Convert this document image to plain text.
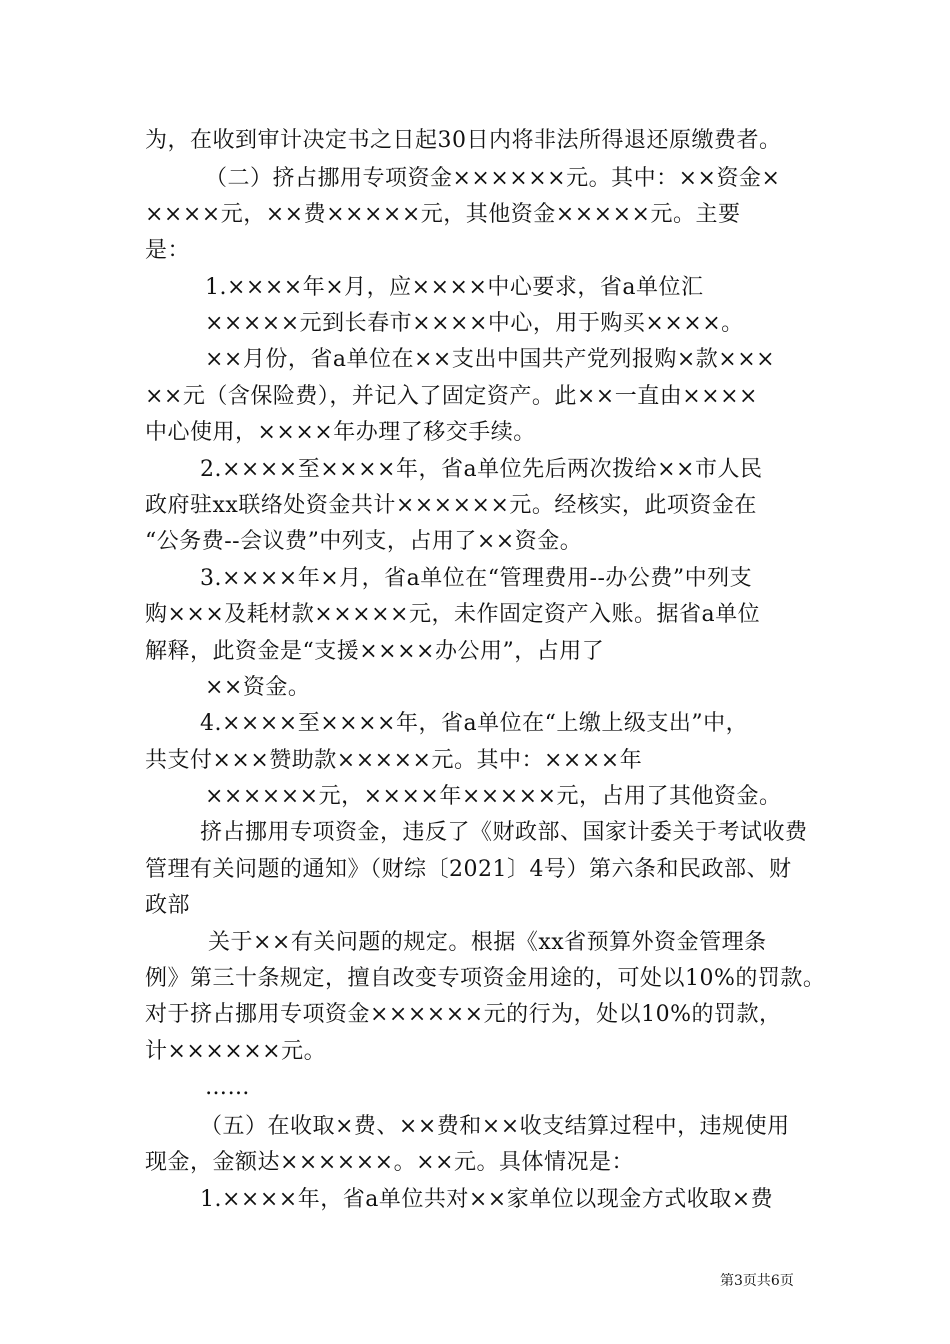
为，在收到审计决定书之日起30日内将非法所得退还原缴费者。
（二）挤占挪用专项资金××××××元。其中：××资金×
××××元，××费×××××元，其他资金×××××元。主要
是：
1.××××年×月，应××××中心要求，省a单位汇
×××××元到长春市××××中心，用于购买××××。
××月份，省a单位在××支出中国共产党列报购×款×××
××元（含保险费），并记入了固定资产。此××一直由××××
中心使用，××××年办理了移交手续。
2.××××至××××年，省a单位先后两次拨给××市人民
政府驻xx联络处资金共计××××××元。经核实，此项资金在
“公务费--会议费”中列支，占用了××资金。
3.××××年×月，省a单位在“管理费用--办公费”中列支
购×××及耗材款×××××元，未作固定资产入账。据省a单位
解释，此资金是“支援××××办公用”，占用了
××资金。
4.××××至××××年，省a单位在“上缴上级支出”中，
共支付×××赞助款×××××元。其中：××××年
××××××元，××××年×××××元，占用了其他资金。
挤占挪用专项资金，违反了《财政部、国家计委关于考试收费
管理有关问题的通知》（财综〔2021〕4号）第六条和民政部、财
政部
关于××有关问题的规定。根据《xx省预算外资金管理条
例》第三十条规定，擅自改变专项资金用途的，可处以10%的罚款。
对于挤占挪用专项资金××××××元的行为，处以10%的罚款，
计××××××元。
……
（五）在收取×费、××费和××收支结算过程中，违规使用
现金，金额达××××××。××元。具体情况是：
1.××××年，省a单位共对××家单位以现金方式收取×费
第3页共6页
